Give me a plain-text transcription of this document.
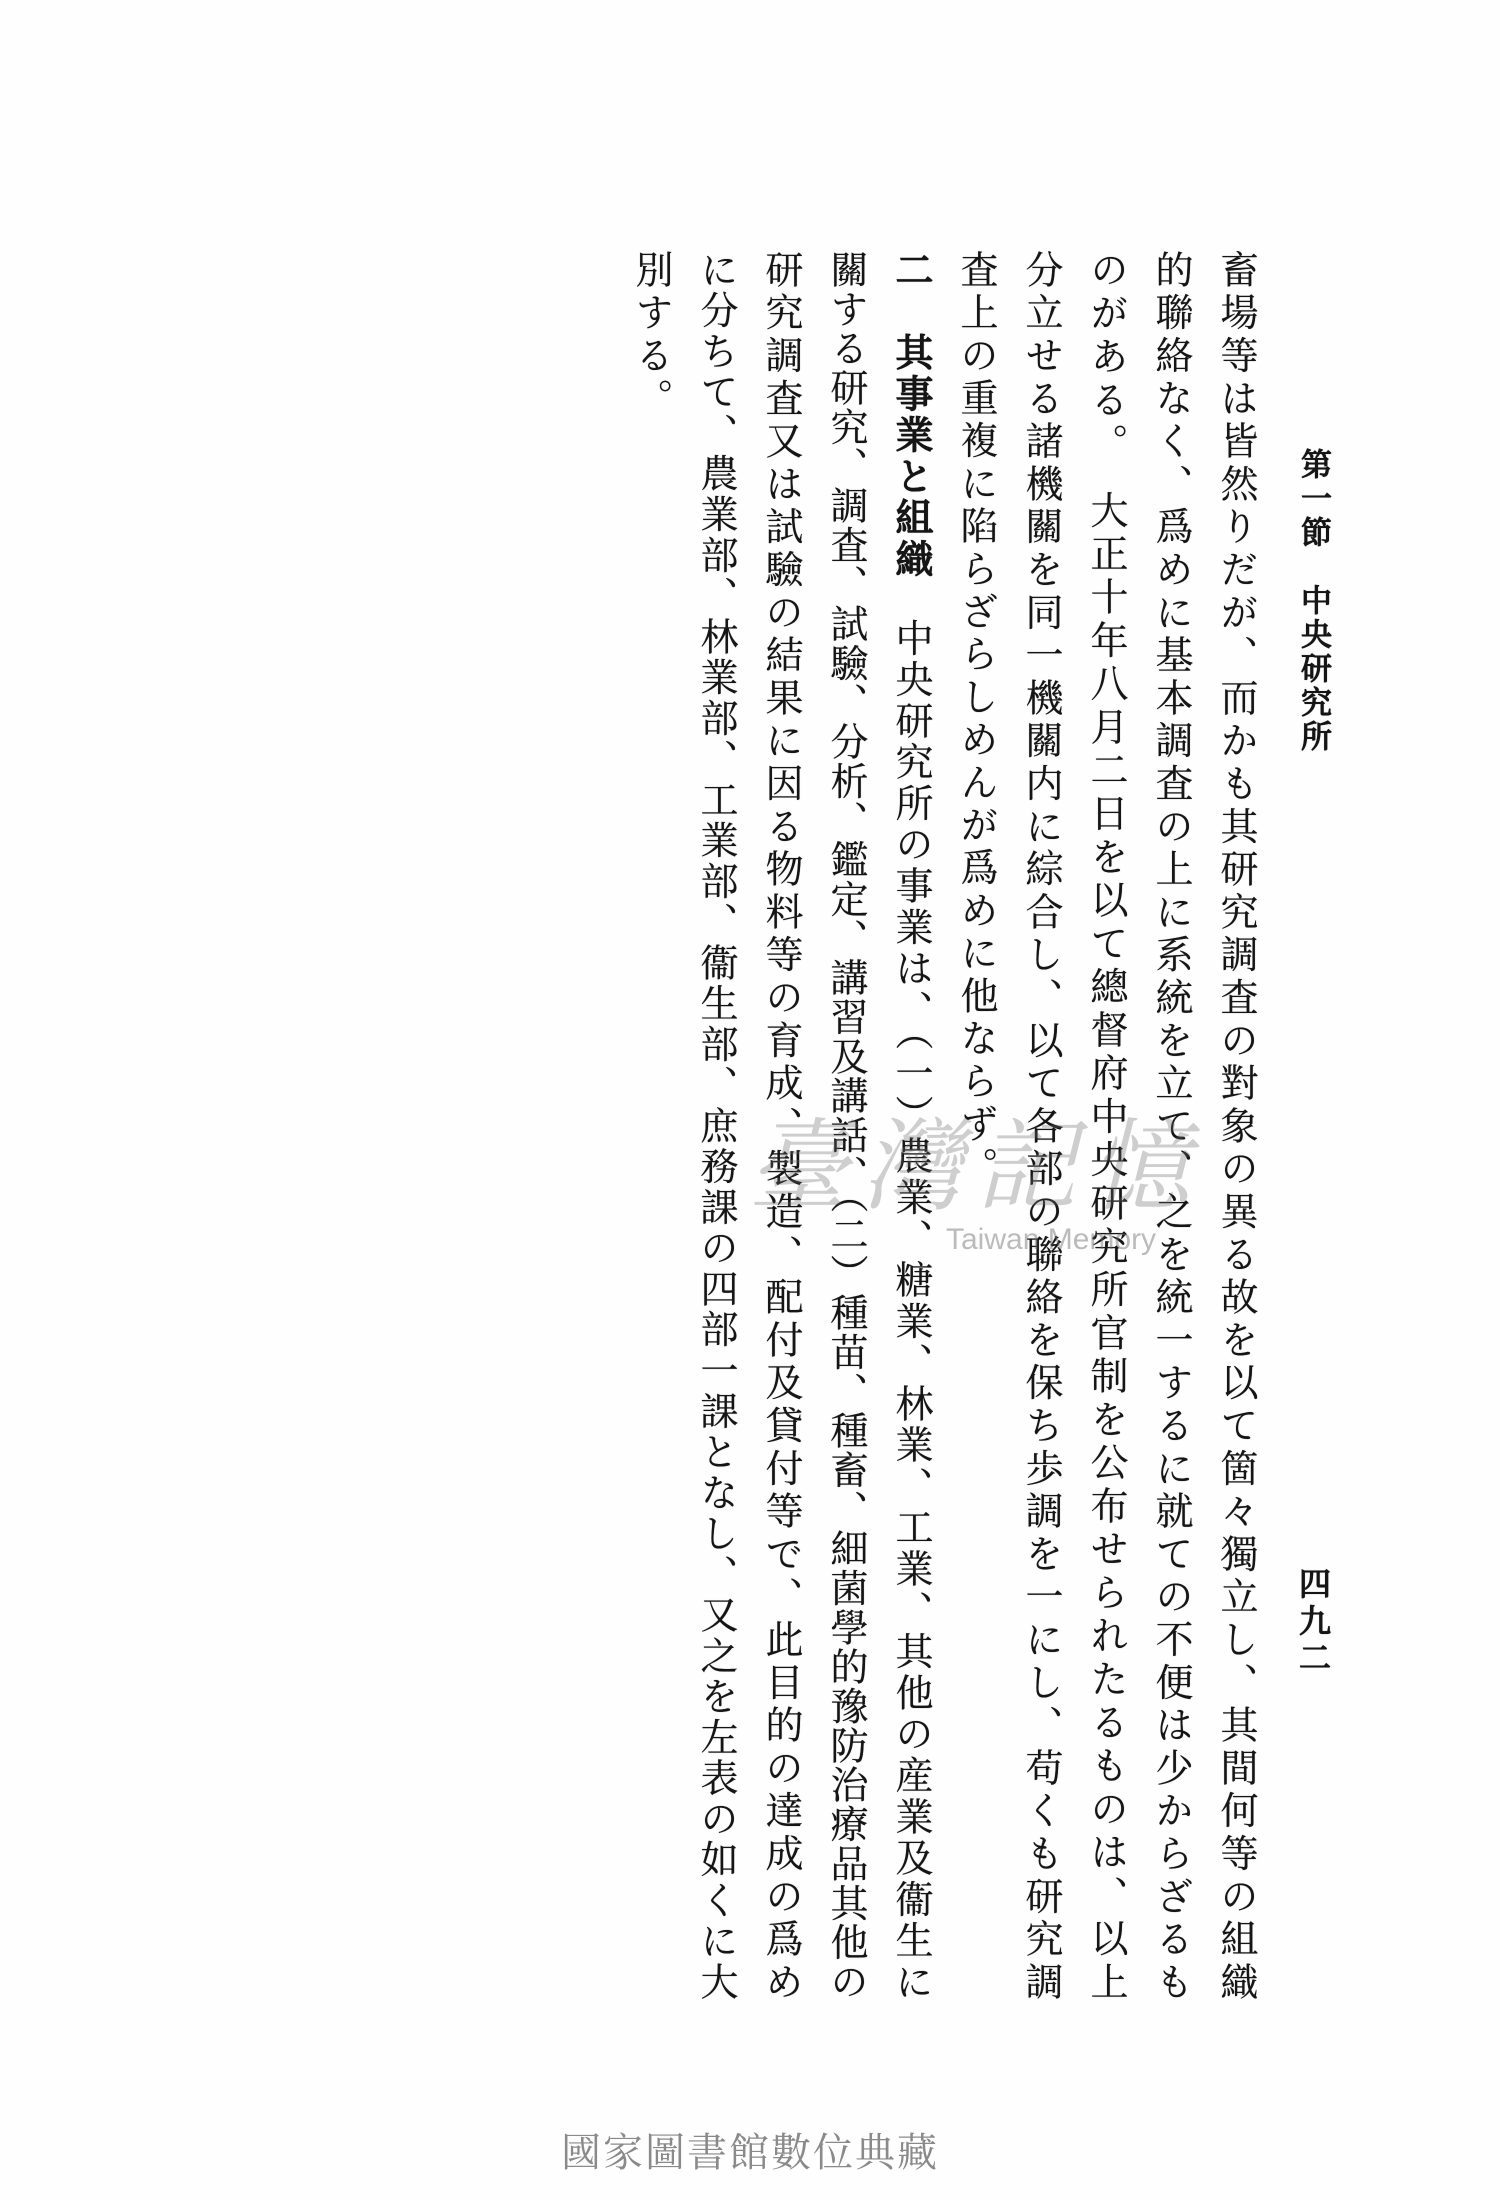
第一節　中央研究所
四九二
畜場等は皆然りだが、而かも其研究調査の對象の異る故を以て箇々獨立し、其間何等の組織
的聯絡なく、爲めに基本調査の上に系統を立て、之を統一するに就ての不便は少からざるも
のがある。　大正十年八月二日を以て總督府中央研究所官制を公布せられたるものは、以上
分立せる諸機關を同一機關内に綜合し、以て各部の聯絡を保ち歩調を一にし、苟くも研究調
査上の重複に陷らざらしめんが爲めに他ならず。
二　其事業と組織中央研究所の事業は、（一）農業、糖業、林業、工業、其他の産業及衞生に
關する研究、調査、試驗、分析、鑑定、講習及講話、（二）種苗、種畜、細菌學的豫防治療品其他の
研究調査又は試驗の結果に因る物料等の育成、製造、配付及貸付等で、此目的の達成の爲め
に分ちて、農業部、林業部、工業部、衞生部、庶務課の四部一課となし、又之を左表の如くに大
別する。
臺灣記憶
Taiwan Memory
國家圖書館數位典藏
